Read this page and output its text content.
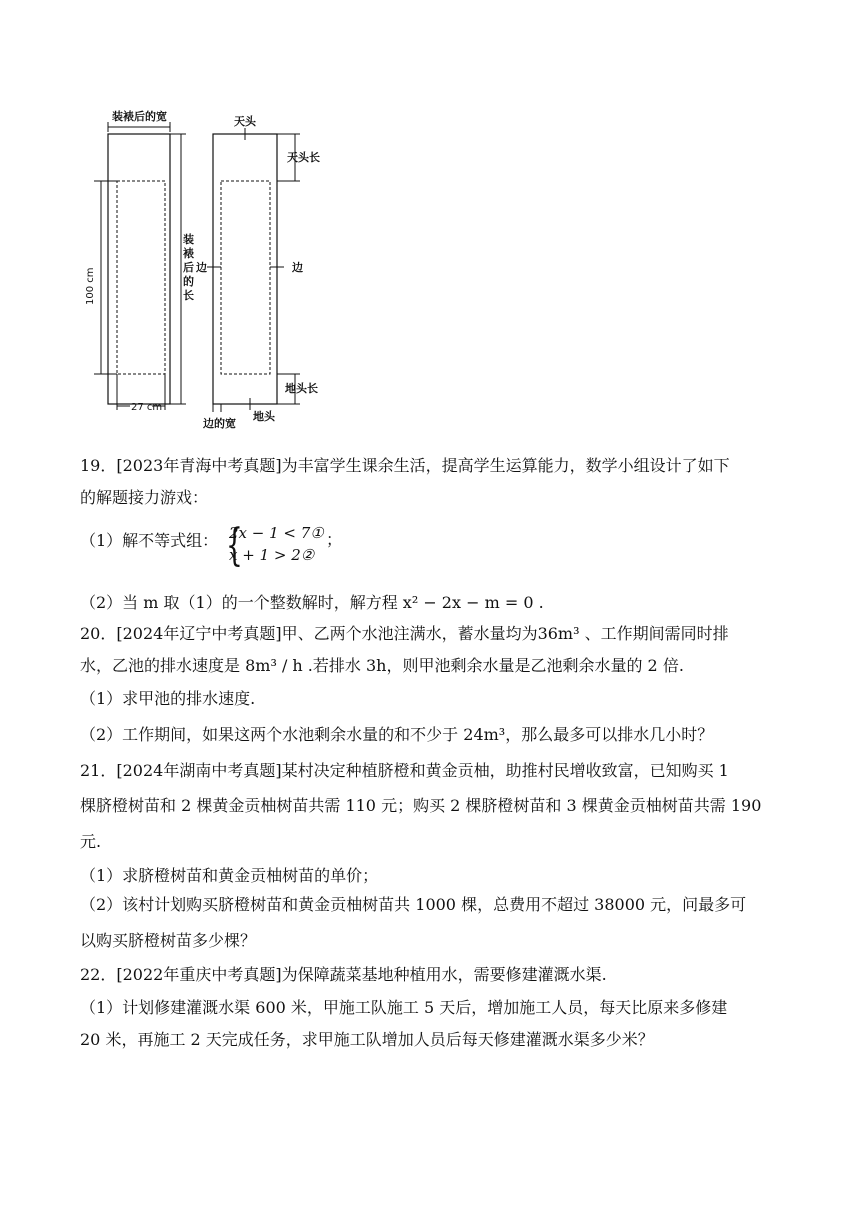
装裱后的宽
100 cm
27 cm
装
裱
后
的
长
天头
天头长
边	边
地头长
边的宽
地头
19．[2023年青海中考真题]为丰富学生课余生活，提高学生运算能力，数学小组设计了如下
的解题接力游戏：
（1）解不等式组： {
2x − 1 < 7①
x + 1 > 2②
；
（2）当 m 取（1）的一个整数解时，解方程 x² − 2x − m = 0 .
20．[2024年辽宁中考真题]甲、乙两个水池注满水，蓄水量均为36m³ 、工作期间需同时排
水，乙池的排水速度是 8m³ / h .若排水 3h，则甲池剩余水量是乙池剩余水量的 2 倍.
（1）求甲池的排水速度.
（2）工作期间，如果这两个水池剩余水量的和不少于 24m³，那么最多可以排水几小时？
21．[2024年湖南中考真题]某村决定种植脐橙和黄金贡柚，助推村民增收致富，已知购买 1
棵脐橙树苗和 2 棵黄金贡柚树苗共需 110 元；购买 2 棵脐橙树苗和 3 棵黄金贡柚树苗共需 190
元.
（1）求脐橙树苗和黄金贡柚树苗的单价；
（2）该村计划购买脐橙树苗和黄金贡柚树苗共 1000 棵，总费用不超过 38000 元，问最多可
以购买脐橙树苗多少棵？
22．[2022年重庆中考真题]为保障蔬菜基地种植用水，需要修建灌溉水渠.
（1）计划修建灌溉水渠 600 米，甲施工队施工 5 天后，增加施工人员，每天比原来多修建
20 米，再施工 2 天完成任务，求甲施工队增加人员后每天修建灌溉水渠多少米？
